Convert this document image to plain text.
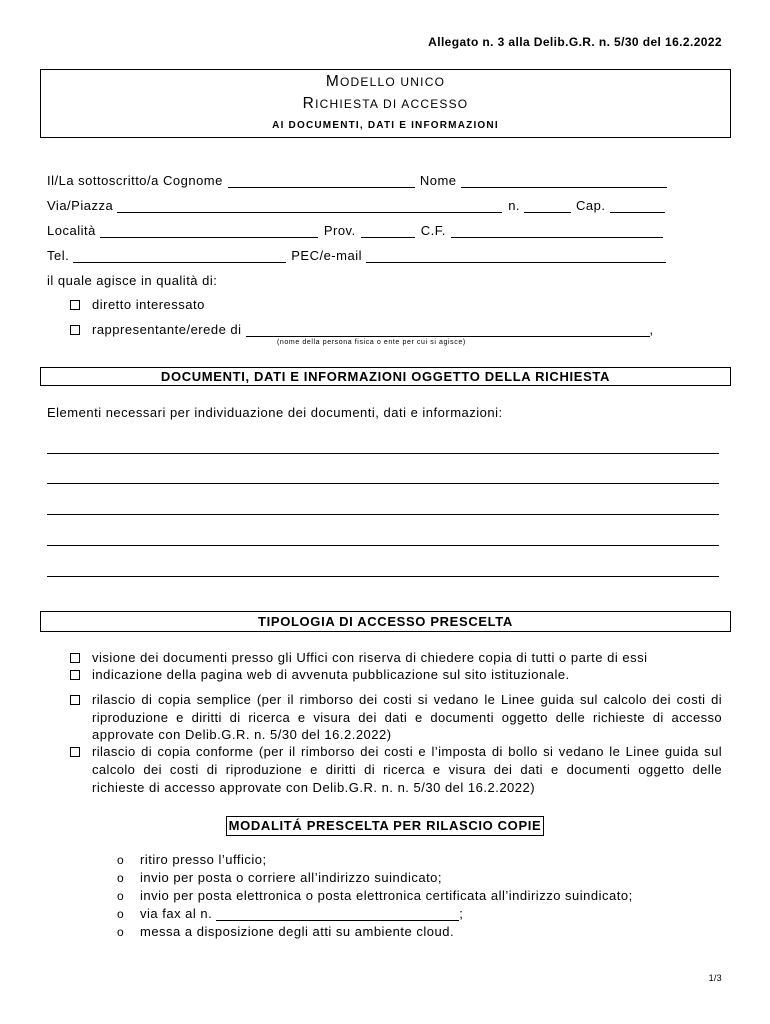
Allegato n. 3 alla Delib.G.R. n. 5/30 del 16.2.2022
MODELLO UNICO
RICHIESTA DI ACCESSO
AI DOCUMENTI, DATI E INFORMAZIONI
Il/La sottoscritto/a Cognome	Nome
Via/Piazza	n.	Cap.
Località	Prov.	C.F.
Tel.	PEC/e-mail
il quale agisce in qualità di:
diretto interessato
rappresentante/erede di	,
(nome della persona fisica o ente per cui si agisce)
DOCUMENTI, DATI E INFORMAZIONI OGGETTO DELLA RICHIESTA
Elementi necessari per individuazione dei documenti, dati e informazioni:
TIPOLOGIA DI ACCESSO PRESCELTA
visione dei documenti presso gli Uffici con riserva di chiedere copia di tutti o parte di essi
indicazione della pagina web di avvenuta pubblicazione sul sito istituzionale.
rilascio di copia semplice (per il rimborso dei costi si vedano le Linee guida sul calcolo dei costi di
riproduzione e diritti di ricerca e visura dei dati e documenti oggetto delle richieste di accesso
approvate con Delib.G.R. n. 5/30 del 16.2.2022)
rilascio di copia conforme (per il rimborso dei costi e l’imposta di bollo si vedano le Linee guida sul
calcolo dei costi di riproduzione e diritti di ricerca e visura dei dati e documenti oggetto delle
richieste di accesso approvate con Delib.G.R. n. n. 5/30 del 16.2.2022)
MODALITÁ PRESCELTA PER RILASCIO COPIE
o ritiro presso l’ufficio;
o invio per posta o corriere all’indirizzo suindicato;
o invio per posta elettronica o posta elettronica certificata all’indirizzo suindicato;
o via fax al n.	;
o messa a disposizione degli atti su ambiente cloud.
1/3
